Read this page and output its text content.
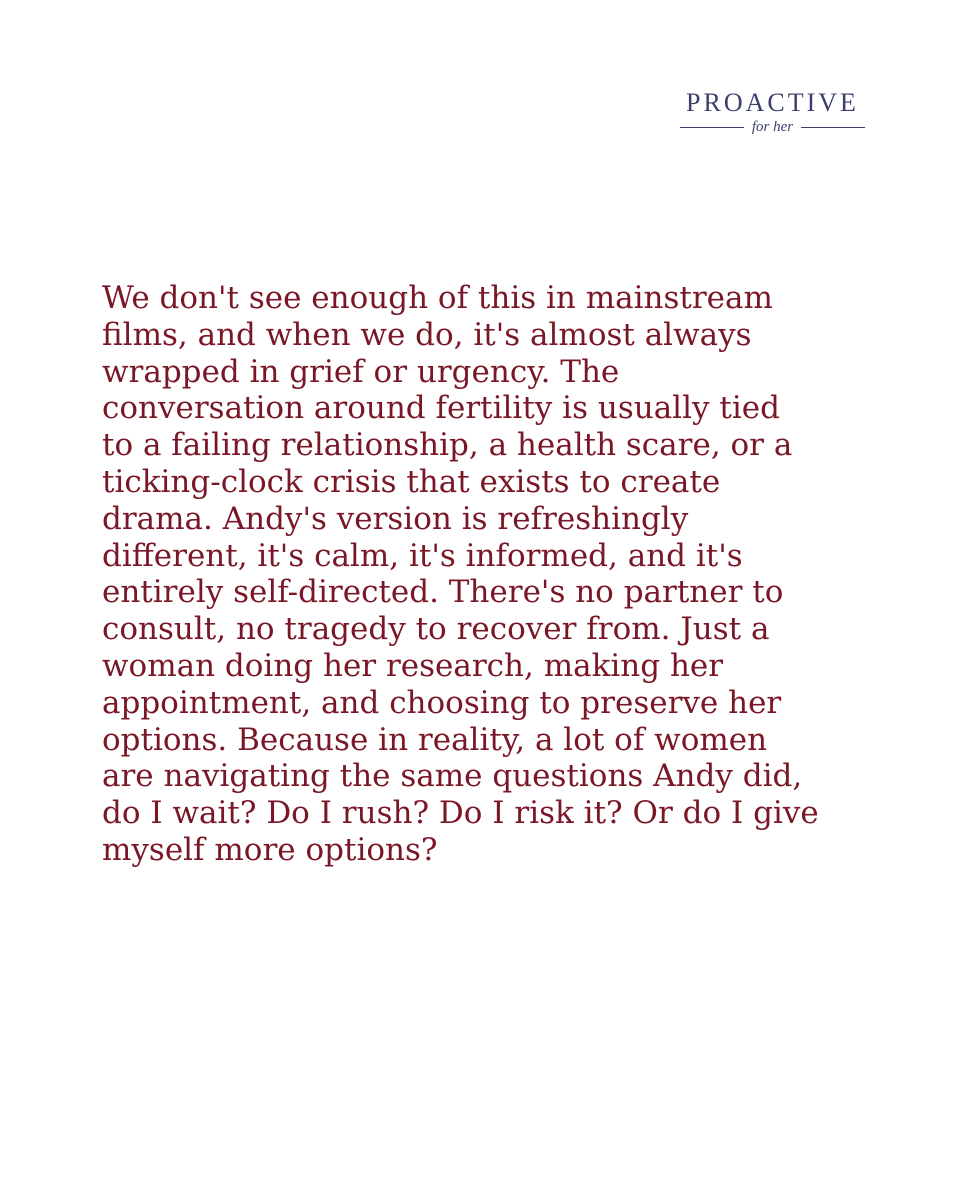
PROACTIVE
for her

We don't see enough of this in mainstream
films, and when we do, it's almost always
wrapped in grief or urgency. The
conversation around fertility is usually tied
to a failing relationship, a health scare, or a
ticking-clock crisis that exists to create
drama. Andy's version is refreshingly
different, it's calm, it's informed, and it's
entirely self-directed. There's no partner to
consult, no tragedy to recover from. Just a
woman doing her research, making her
appointment, and choosing to preserve her
options. Because in reality, a lot of women
are navigating the same questions Andy did,
do I wait? Do I rush? Do I risk it? Or do I give
myself more options?
